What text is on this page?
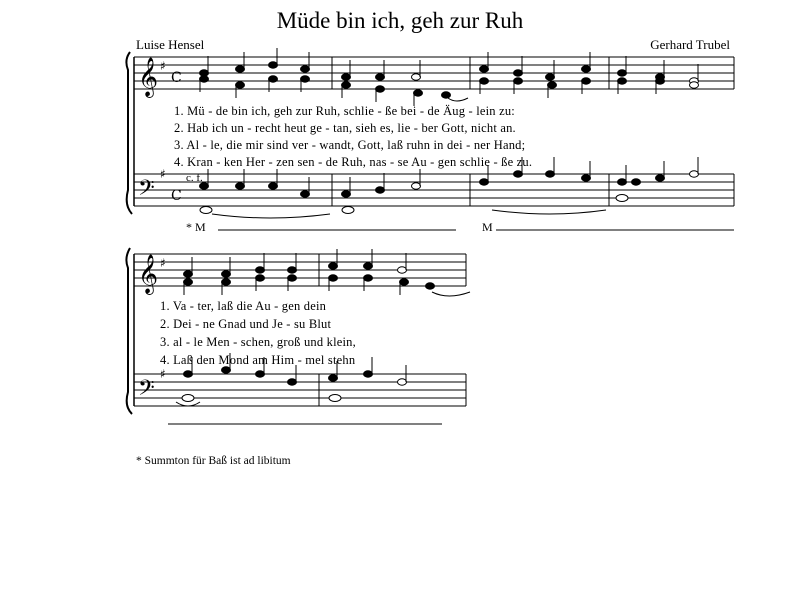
Müde bin ich, geh zur Ruh
Luise Hensel	Gerhard Trubel
𝄞 ♯
C
𝄢
♯
C
𝄞 ♯
𝄢
♯
c. f.
* M	M
1. Mü - de bin ich, geh zur Ruh, schlie - ße bei - de Äug - lein zu:
2. Hab ich un - recht heut ge - tan, sieh es, lie - ber Gott, nicht an.
3. Al - le, die mir sind ver - wandt, Gott, laß ruhn in dei - ner Hand;
4. Kran - ken Her - zen sen - de Ruh, nas - se Au - gen schlie - ße zu.
1. Va - ter, laß die Au - gen dein
2. Dei - ne Gnad und Je - su Blut
3. al - le Men - schen, groß und klein,
4. Laß den Mond am Him - mel stehn
* Summton für Baß ist ad libitum
